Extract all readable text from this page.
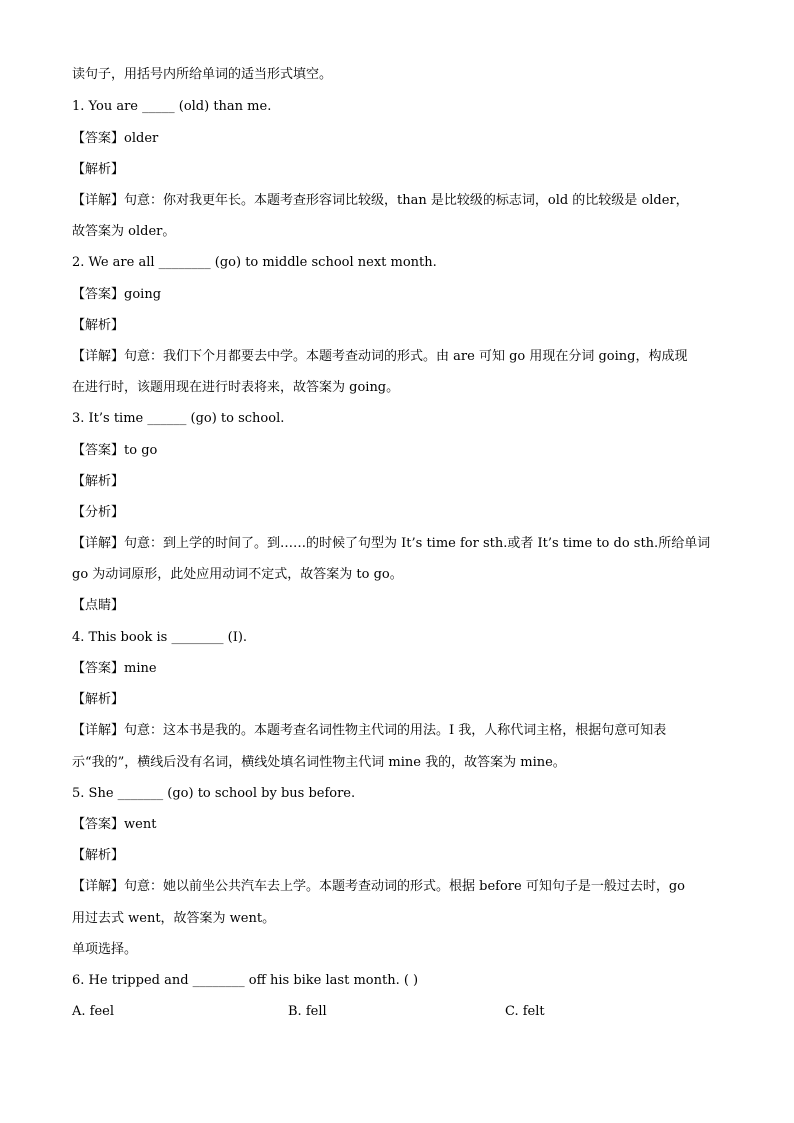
读句子，用括号内所给单词的适当形式填空。
1. You are _____ (old) than me.
【答案】older
【解析】
【详解】句意：你对我更年长。本题考查形容词比较级，than 是比较级的标志词，old 的比较级是 older，
故答案为 older。
2. We are all ________ (go) to middle school next month.
【答案】going
【解析】
【详解】句意：我们下个月都要去中学。本题考查动词的形式。由 are 可知 go 用现在分词 going，构成现
在进行时，该题用现在进行时表将来，故答案为 going。
3. It’s time ______ (go) to school.
【答案】to go
【解析】
【分析】
【详解】句意：到上学的时间了。到……的时候了句型为 It’s time for sth.或者 It’s time to do sth.所给单词
go 为动词原形，此处应用动词不定式，故答案为 to go。
【点睛】
4. This book is ________ (I).
【答案】mine
【解析】
【详解】句意：这本书是我的。本题考查名词性物主代词的用法。I 我，人称代词主格，根据句意可知表
示“我的”，横线后没有名词，横线处填名词性物主代词 mine 我的，故答案为 mine。
5. She _______ (go) to school by bus before.
【答案】went
【解析】
【详解】句意：她以前坐公共汽车去上学。本题考查动词的形式。根据 before 可知句子是一般过去时，go
用过去式 went，故答案为 went。
单项选择。
6. He tripped and ________ off his bike last month. ( )
A. feel	B. fell	C. felt
